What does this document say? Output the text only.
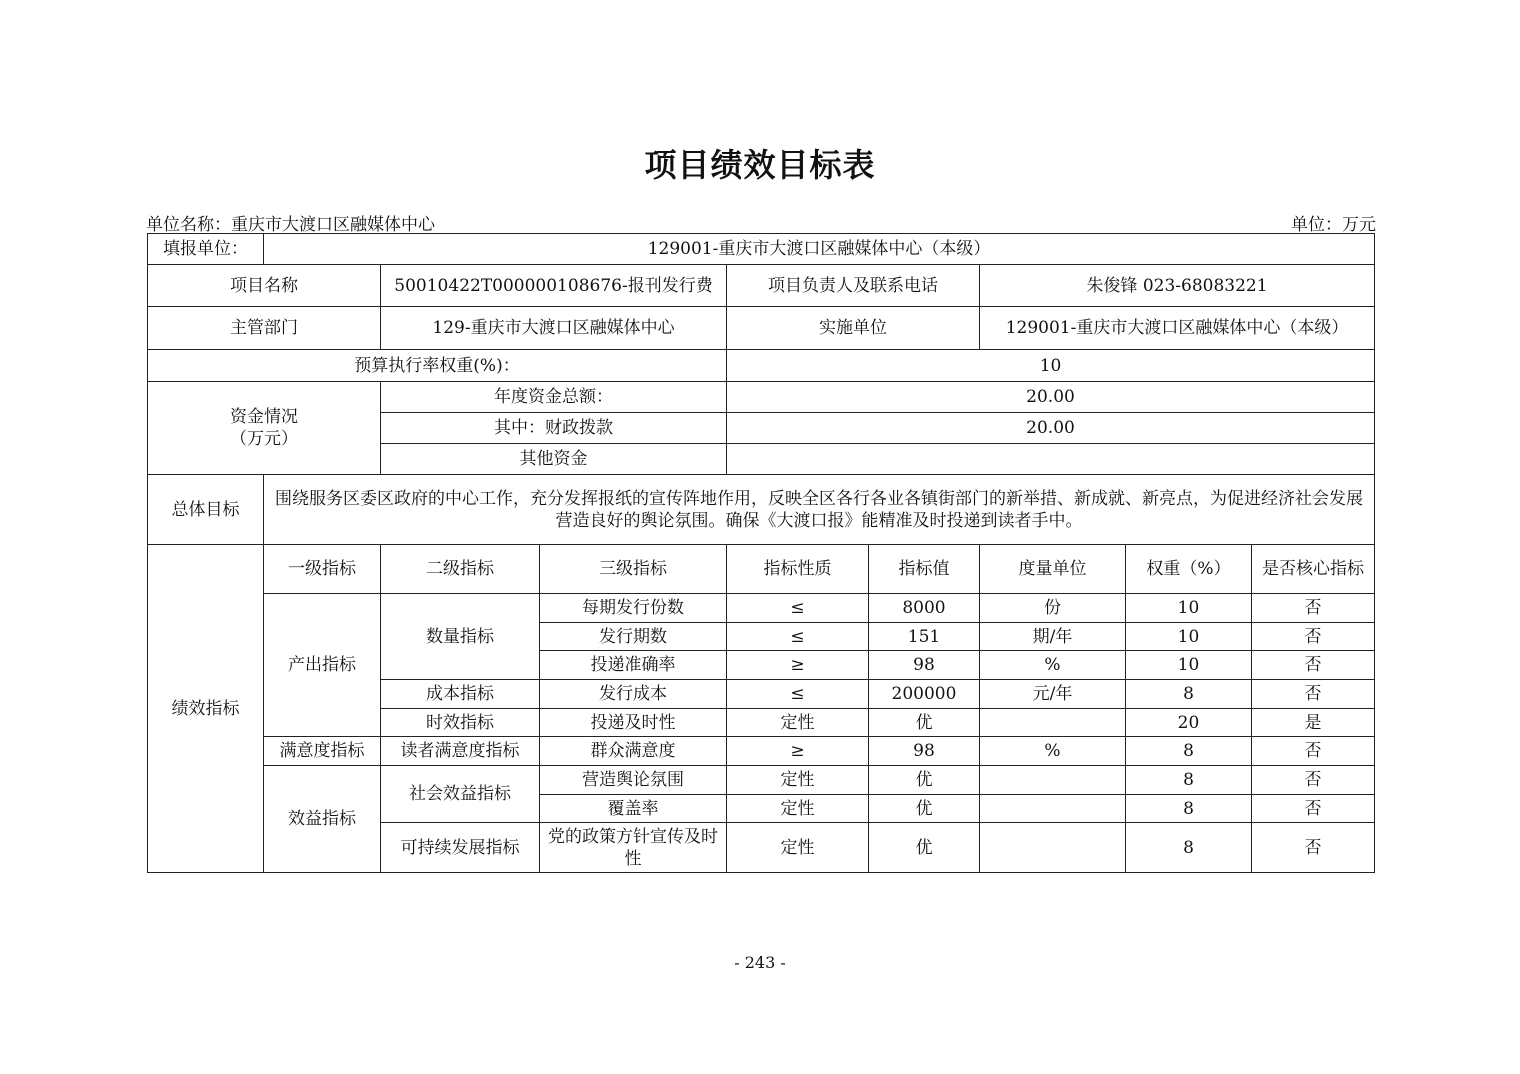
项目绩效目标表
单位名称：重庆市大渡口区融媒体中心	单位：万元
填报单位：	129001-重庆市大渡口区融媒体中心（本级）							
项目名称		50010422T000000108676-报刊发行费		项目负责人及联系电话		朱俊锋 023-68083221		
主管部门		129-重庆市大渡口区融媒体中心		实施单位		129001-重庆市大渡口区融媒体中心（本级）		
预算执行率权重(%)：				10				

资金情况
（万元）		年度资金总额：		20.00				
		其中：财政拨款		20.00				
		其他资金						
总体目标	围绕服务区委区政府的中心工作，充分发挥报纸的宣传阵地作用，反映全区各行各业各镇街部门的新举措、新成就、新亮点，为促进经济社会发展营造良好的舆论氛围。确保《大渡口报》能精准及时投递到读者手中。							
绩效指标	一级指标	二级指标	三级指标	指标性质	指标值	度量单位	权重（%）	是否核心指标
	产出指标	数量指标	每期发行份数	≤	8000	份	10	否
			发行期数	≤	151	期/年	10	否
			投递准确率	≥	98	%	10	否
		成本指标	发行成本	≤	200000	元/年	8	否
		时效指标	投递及时性	定性	优		20	是
	满意度指标	读者满意度指标	群众满意度	≥	98	%	8	否
	效益指标	社会效益指标	营造舆论氛围	定性	优		8	否
			覆盖率	定性	优		8	否
		可持续发展指标	党的政策方针宣传及时性	定性	优		8	否
- 243 -
